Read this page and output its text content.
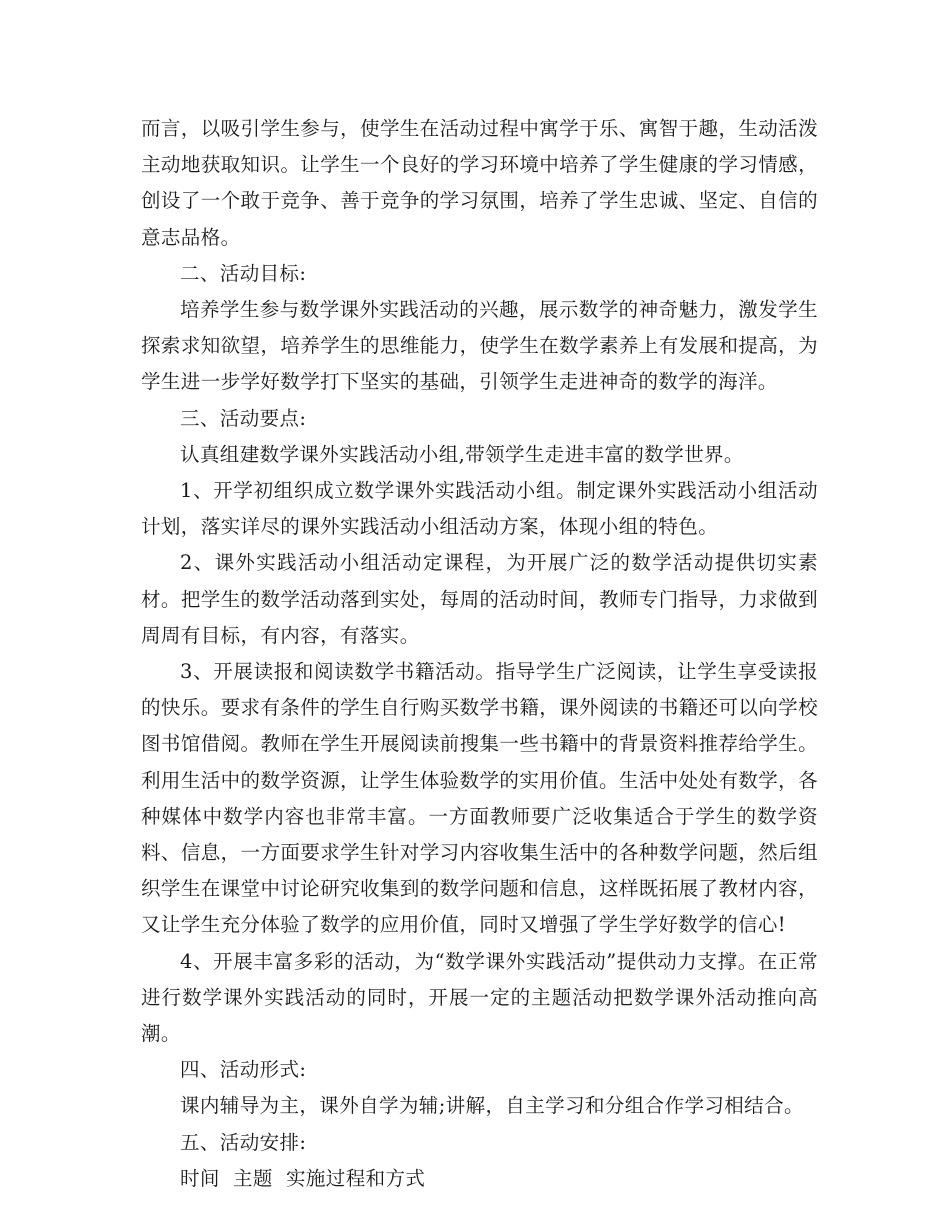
而言，以吸引学生参与，使学生在活动过程中寓学于乐、寓智于趣，生动活泼主动地获取知识。让学生一个良好的学习环境中培养了学生健康的学习情感，创设了一个敢于竞争、善于竞争的学习氛围，培养了学生忠诚、坚定、自信的意志品格。

二、活动目标:

培养学生参与数学课外实践活动的兴趣，展示数学的神奇魅力，激发学生探索求知欲望，培养学生的思维能力，使学生在数学素养上有发展和提高，为学生进一步学好数学打下坚实的基础，引领学生走进神奇的数学的海洋。

三、活动要点:

认真组建数学课外实践活动小组,带领学生走进丰富的数学世界。

1、开学初组织成立数学课外实践活动小组。制定课外实践活动小组活动计划，落实详尽的课外实践活动小组活动方案，体现小组的特色。

2、课外实践活动小组活动定课程，为开展广泛的数学活动提供切实素材。把学生的数学活动落到实处，每周的活动时间，教师专门指导，力求做到周周有目标，有内容，有落实。

3、开展读报和阅读数学书籍活动。指导学生广泛阅读，让学生享受读报的快乐。要求有条件的学生自行购买数学书籍，课外阅读的书籍还可以向学校图书馆借阅。教师在学生开展阅读前搜集一些书籍中的背景资料推荐给学生。利用生活中的数学资源，让学生体验数学的实用价值。生活中处处有数学，各种媒体中数学内容也非常丰富。一方面教师要广泛收集适合于学生的数学资料、信息，一方面要求学生针对学习内容收集生活中的各种数学问题，然后组织学生在课堂中讨论研究收集到的数学问题和信息，这样既拓展了教材内容，又让学生充分体验了数学的应用价值，同时又增强了学生学好数学的信心!

4、开展丰富多彩的活动，为“数学课外实践活动”提供动力支撑。在正常进行数学课外实践活动的同时，开展一定的主题活动把数学课外活动推向高潮。

四、活动形式:

课内辅导为主，课外自学为辅;讲解，自主学习和分组合作学习相结合。

五、活动安排:

时间  主题  实施过程和方式
